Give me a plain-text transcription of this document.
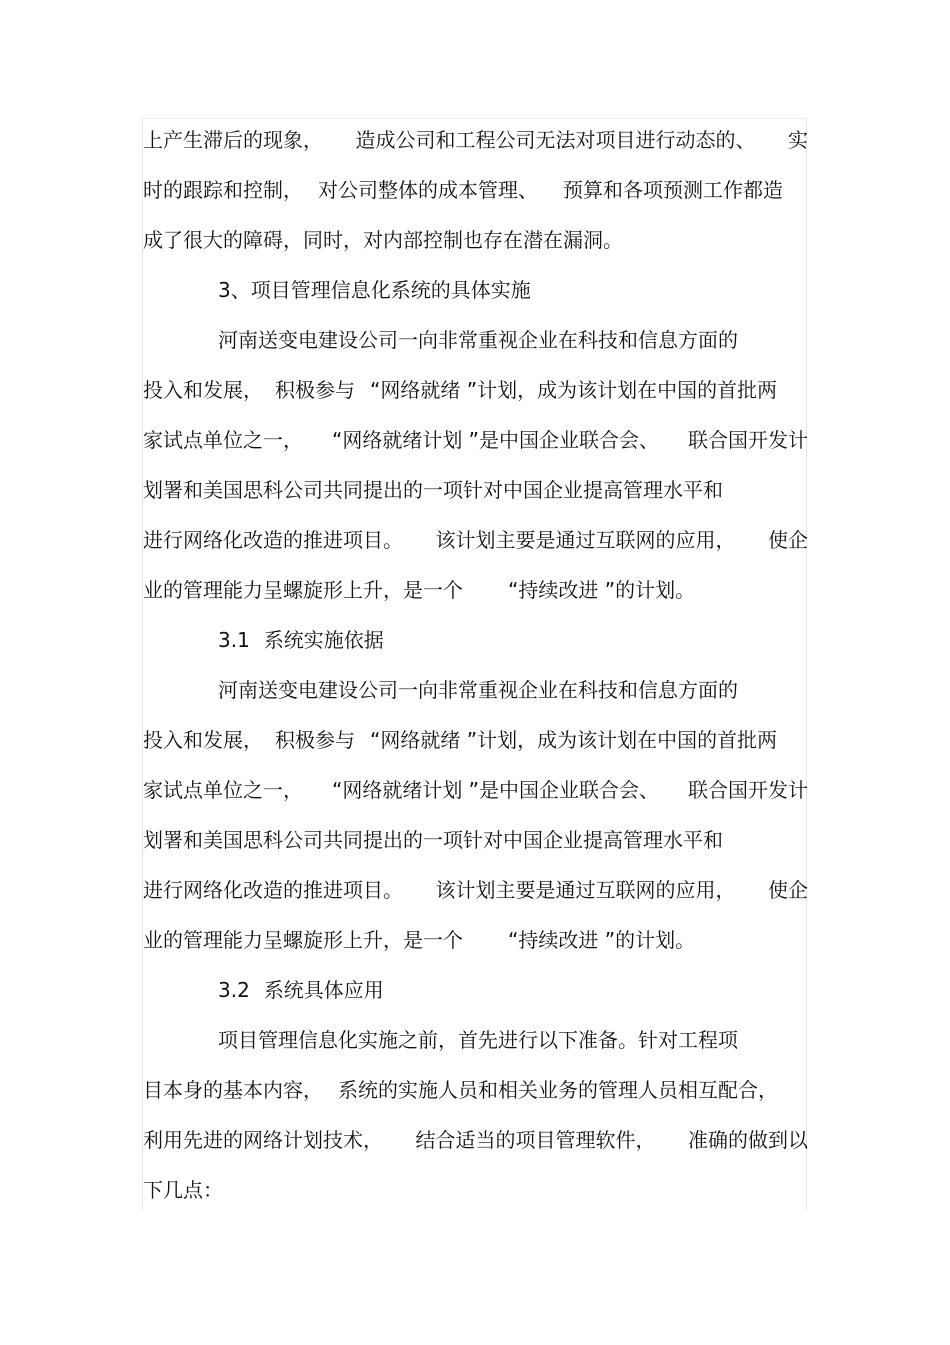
上产生滞后的现象， 造成公司和工程公司无法对项目进行动态的、 实
时的跟踪和控制， 对公司整体的成本管理、 预算和各项预测工作都造
成了很大的障碍，同时，对内部控制也存在潜在漏洞。
3、项目管理信息化系统的具体实施
河南送变电建设公司一向非常重视企业在科技和信息方面的
投入和发展， 积极参与 “网络就绪 ”计划，成为该计划在中国的首批两
家试点单位之一， “网络就绪计划 ”是中国企业联合会、 联合国开发计
划署和美国思科公司共同提出的一项针对中国企业提高管理水平和
进行网络化改造的推进项目。 该计划主要是通过互联网的应用， 使企
业的管理能力呈螺旋形上升，是一个 “持续改进 ”的计划。
3.1 系统实施依据
河南送变电建设公司一向非常重视企业在科技和信息方面的
投入和发展， 积极参与 “网络就绪 ”计划，成为该计划在中国的首批两
家试点单位之一， “网络就绪计划 ”是中国企业联合会、 联合国开发计
划署和美国思科公司共同提出的一项针对中国企业提高管理水平和
进行网络化改造的推进项目。 该计划主要是通过互联网的应用， 使企
业的管理能力呈螺旋形上升，是一个 “持续改进 ”的计划。
3.2 系统具体应用
项目管理信息化实施之前，首先进行以下准备。针对工程项
目本身的基本内容， 系统的实施人员和相关业务的管理人员相互配合，
利用先进的网络计划技术， 结合适当的项目管理软件， 准确的做到以
下几点：
